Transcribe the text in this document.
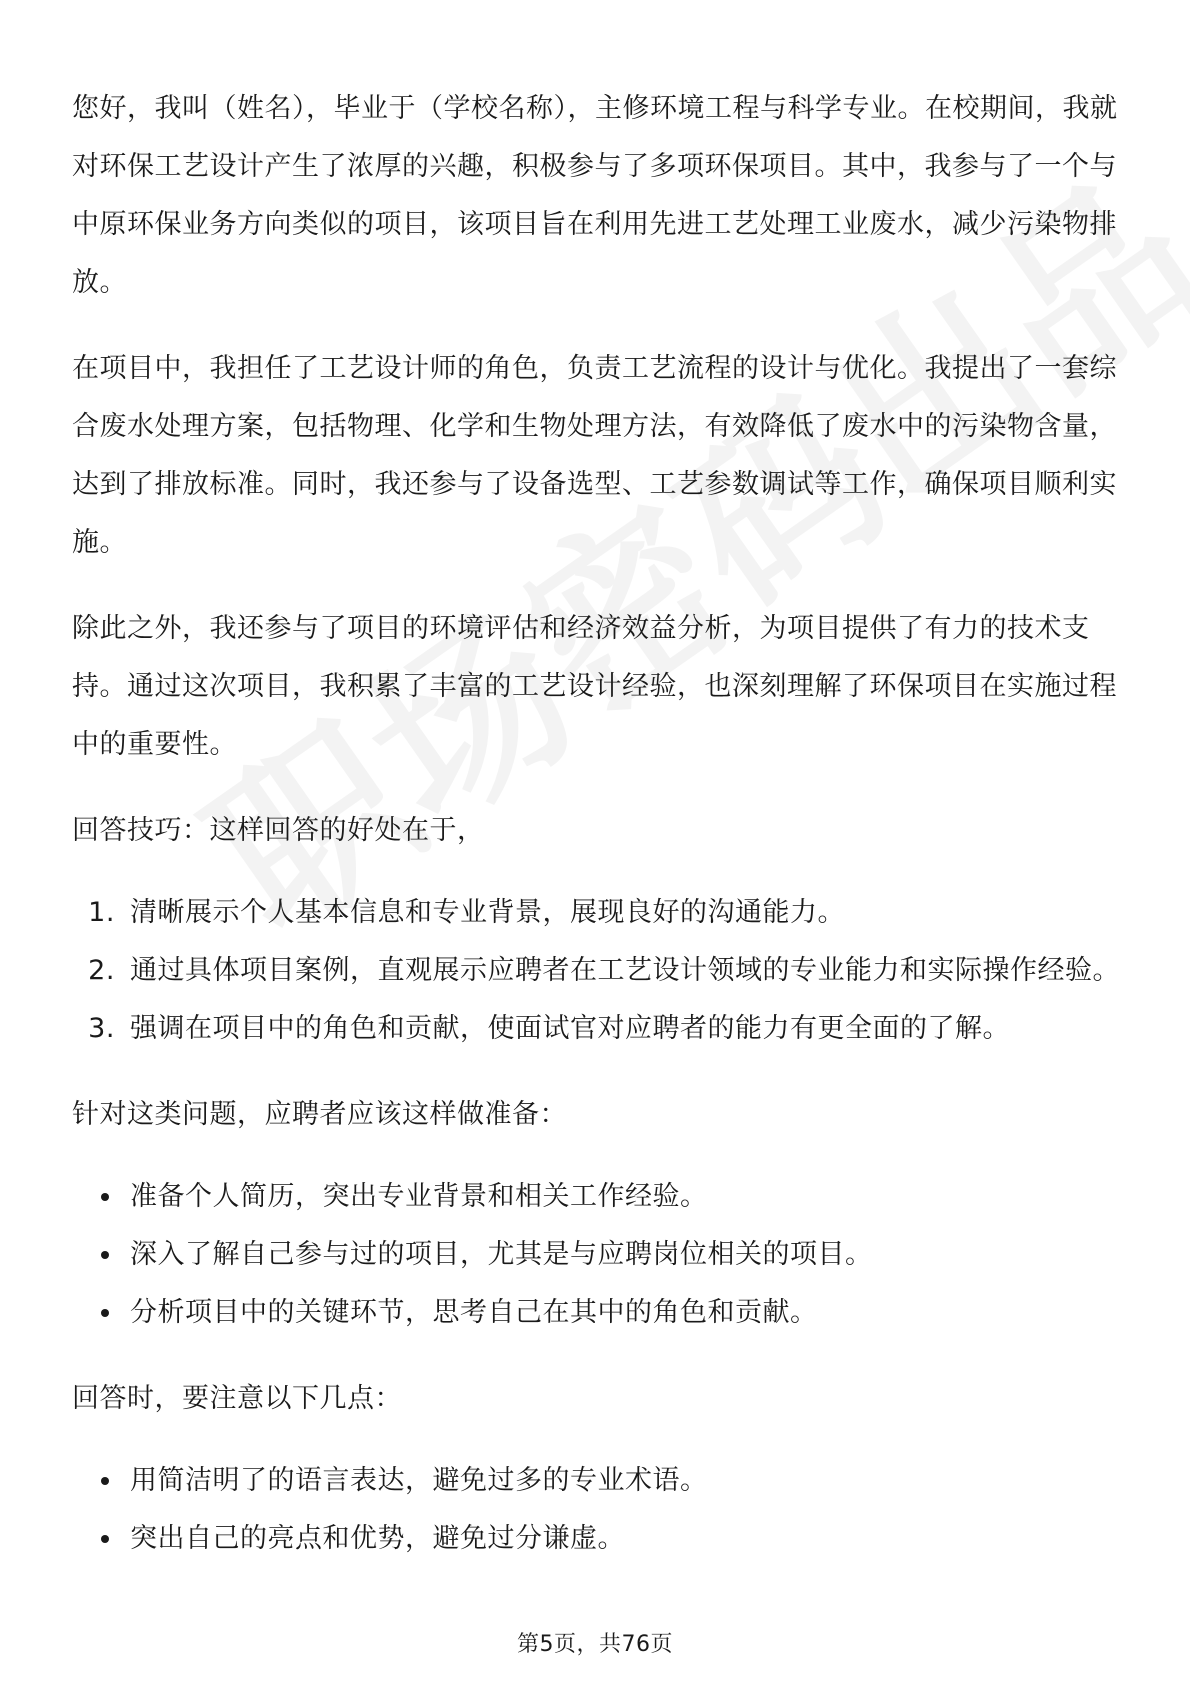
您好，我叫（姓名），毕业于（学校名称），主修环境工程与科学专业。在校期间，我就对环保工艺设计产生了浓厚的兴趣，积极参与了多项环保项目。其中，我参与了一个与中原环保业务方向类似的项目，该项目旨在利用先进工艺处理工业废水，减少污染物排放。

在项目中，我担任了工艺设计师的角色，负责工艺流程的设计与优化。我提出了一套综合废水处理方案，包括物理、化学和生物处理方法，有效降低了废水中的污染物含量，达到了排放标准。同时，我还参与了设备选型、工艺参数调试等工作，确保项目顺利实施。

除此之外，我还参与了项目的环境评估和经济效益分析，为项目提供了有力的技术支持。通过这次项目，我积累了丰富的工艺设计经验，也深刻理解了环保项目在实施过程中的重要性。

回答技巧：这样回答的好处在于，

1. 清晰展示个人基本信息和专业背景，展现良好的沟通能力。
2. 通过具体项目案例，直观展示应聘者在工艺设计领域的专业能力和实际操作经验。
3. 强调在项目中的角色和贡献，使面试官对应聘者的能力有更全面的了解。

针对这类问题，应聘者应该这样做准备：

• 准备个人简历，突出专业背景和相关工作经验。
• 深入了解自己参与过的项目，尤其是与应聘岗位相关的项目。
• 分析项目中的关键环节，思考自己在其中的角色和贡献。

回答时，要注意以下几点：

• 用简洁明了的语言表达，避免过多的专业术语。
• 突出自己的亮点和优势，避免过分谦虚。
第5页，共76页
